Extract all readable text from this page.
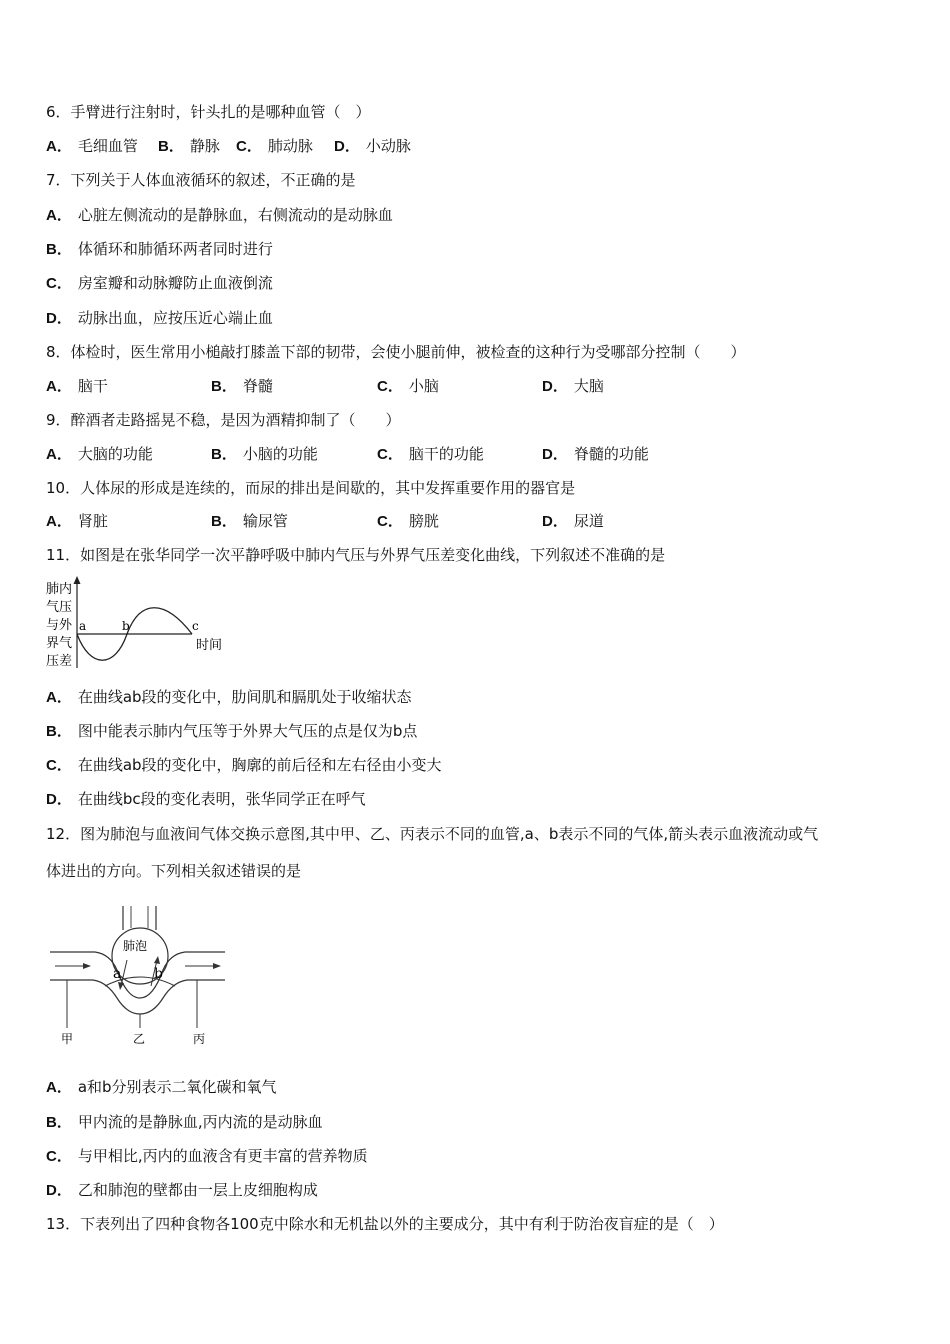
6．手臂进行注射时，针头扎的是哪种血管（　）
A． 毛细血管 B． 静脉 C． 肺动脉 D． 小动脉
7．下列关于人体血液循环的叙述，不正确的是
A． 心脏左侧流动的是静脉血，右侧流动的是动脉血
B． 体循环和肺循环两者同时进行
C． 房室瓣和动脉瓣防止血液倒流
D． 动脉出血，应按压近心端止血
8．体检时，医生常用小槌敲打膝盖下部的韧带，会使小腿前伸，被检查的这种行为受哪部分控制（　　）
A． 脑干	B． 脊髓	C． 小脑	D． 大脑
9．醉酒者走路摇晃不稳，是因为酒精抑制了（　　）
A． 大脑的功能	B． 小脑的功能	C． 脑干的功能	D． 脊髓的功能
10．人体尿的形成是连续的，而尿的排出是间歇的，其中发挥重要作用的器官是
A． 肾脏	B． 输尿管	C． 膀胱	D． 尿道
11．如图是在张华同学一次平静呼吸中肺内气压与外界气压差变化曲线，下列叙述不准确的是
肺内
气压
与外
界气
压差
a	b	c
时间
A． 在曲线ab段的变化中，肋间肌和膈肌处于收缩状态
B． 图中能表示肺内气压等于外界大气压的点是仅为b点
C． 在曲线ab段的变化中，胸廓的前后径和左右径由小变大
D． 在曲线bc段的变化表明，张华同学正在呼气
12．图为肺泡与血液间气体交换示意图,其中甲、乙、丙表示不同的血管,a、b表示不同的气体,箭头表示血液流动或气
体进出的方向。下列相关叙述错误的是
肺泡
a b
甲	乙	丙
A． a和b分别表示二氧化碳和氧气
B． 甲内流的是静脉血,丙内流的是动脉血
C． 与甲相比,丙内的血液含有更丰富的营养物质
D． 乙和肺泡的壁都由一层上皮细胞构成
13．下表列出了四种食物各100克中除水和无机盐以外的主要成分，其中有利于防治夜盲症的是（　）
